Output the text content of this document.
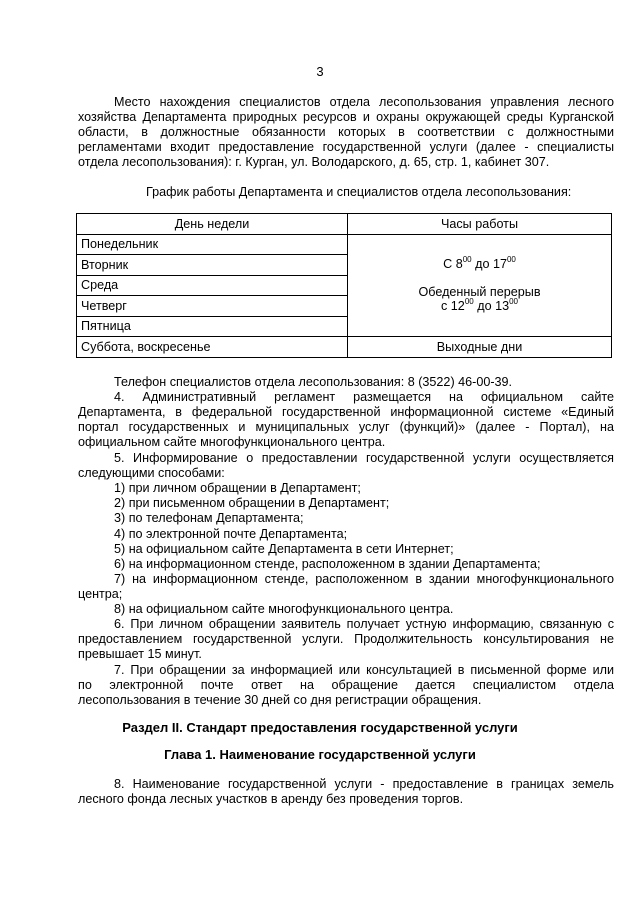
3
Место нахождения специалистов отдела лесопользования управления лесного
хозяйства Департамента природных ресурсов и охраны окружающей среды Курганской
области, в должностные обязанности которых в соответствии с должностными
регламентами входит предоставление государственной услуги (далее - специалисты
отдела лесопользования): г. Курган, ул. Володарского, д. 65, стр. 1, кабинет 307.
График работы Департамента и специалистов отдела лесопользования:
День недели	Часы работы
Понедельник	С $8^{00}$ до $17^{00}$
Обеденный перерыв
с $12^{00}$ до $13^{00}$

Вторник	
Среда	
Четверг	
Пятница	
Суббота, воскресенье	Выходные дни
Телефон специалистов отдела лесопользования: 8 (3522) 46-00-39.
4. Административный регламент размещается на официальном сайте
Департамента, в федеральной государственной информационной системе «Единый
портал государственных и муниципальных услуг (функций)» (далее - Портал), на
официальном сайте многофункционального центра.
5. Информирование о предоставлении государственной услуги осуществляется
следующими способами:
1) при личном обращении в Департамент;
2) при письменном обращении в Департамент;
3) по телефонам Департамента;
4) по электронной почте Департамента;
5) на официальном сайте Департамента в сети Интернет;
6) на информационном стенде, расположенном в здании Департамента;
7) на информационном стенде, расположенном в здании многофункционального
центра;
8) на официальном сайте многофункционального центра.
6. При личном обращении заявитель получает устную информацию, связанную с
предоставлением государственной услуги. Продолжительность консультирования не
превышает 15 минут.
7. При обращении за информацией или консультацией в письменной форме или
по электронной почте ответ на обращение дается специалистом отдела
лесопользования в течение 30 дней со дня регистрации обращения.
Раздел II. Стандарт предоставления государственной услуги
Глава 1. Наименование государственной услуги
8. Наименование государственной услуги - предоставление в границах земель
лесного фонда лесных участков в аренду без проведения торгов.
